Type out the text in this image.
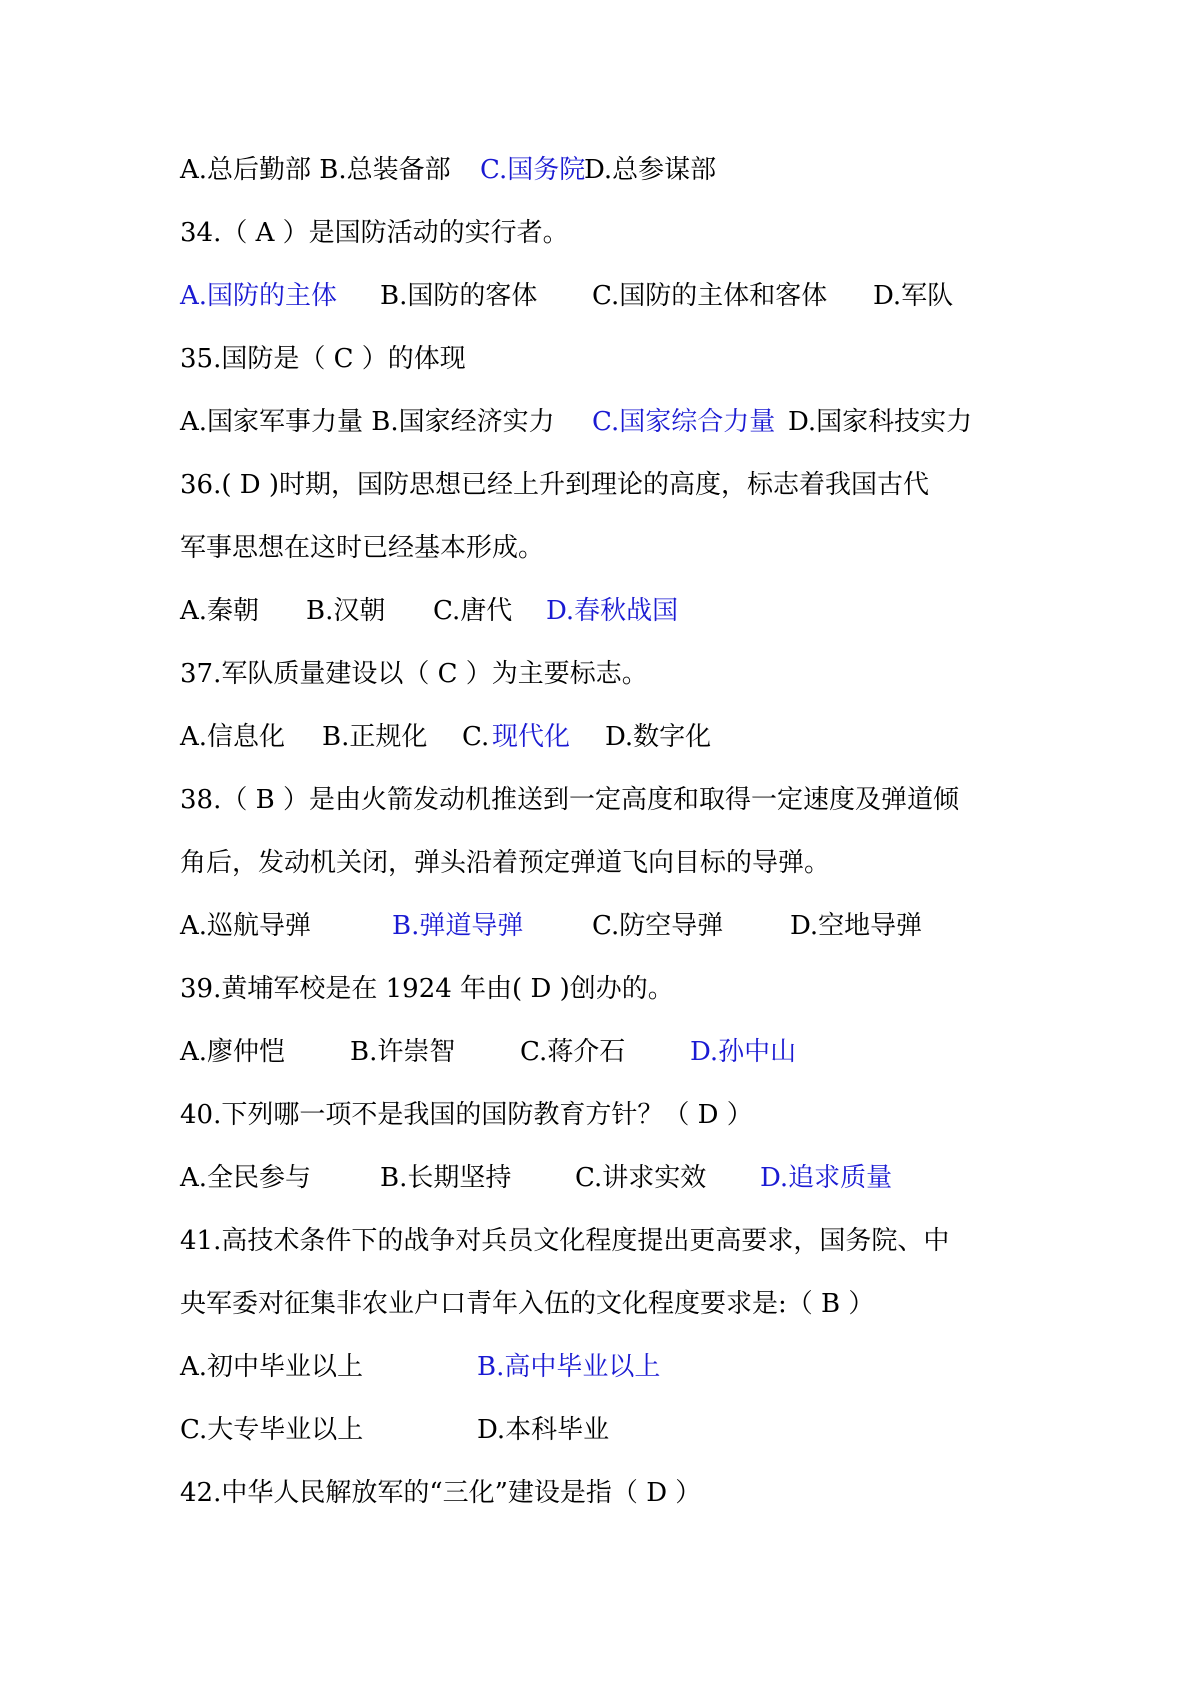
A.总后勤部 B.总装备部 C.国务院
D.总参谋部
34.（ A ）是国防活动的实行者。
A.国防的主体 B.国防的客体 C.国防的主体和客体 D.军队
35.国防是（ C ）的体现
A.国家军事力量 B.国家经济实力 C.国家综合力量 D.国家科技实力
36.( D )时期，国防思想已经上升到理论的高度，标志着我国古代
军事思想在这时已经基本形成。
A.秦朝 B.汉朝 C.唐代 D.春秋战国
37.军队质量建设以（ C ）为主要标志。
A.信息化 B.正规化 C. 现代化 D.数字化
38.（ B ）是由火箭发动机推送到一定高度和取得一定速度及弹道倾
角后，发动机关闭，弹头沿着预定弹道飞向目标的导弹。
A.巡航导弹	B.弹道导弹	C.防空导弹	D.空地导弹
39.黄埔军校是在 1924 年由( D )创办的。
A.廖仲恺 B.许崇智 C.蒋介石 D.孙中山
40.下列哪一项不是我国的国防教育方针？（ D ）
A.全民参与	B.长期坚持 C.讲求实效 D.追求质量
41.高技术条件下的战争对兵员文化程度提出更高要求，国务院、中
央军委对征集非农业户口青年入伍的文化程度要求是:（ B ）
A.初中毕业以上	B.高中毕业以上
C.大专毕业以上	D.本科毕业
42.中华人民解放军的“三化”建设是指（ D ）
